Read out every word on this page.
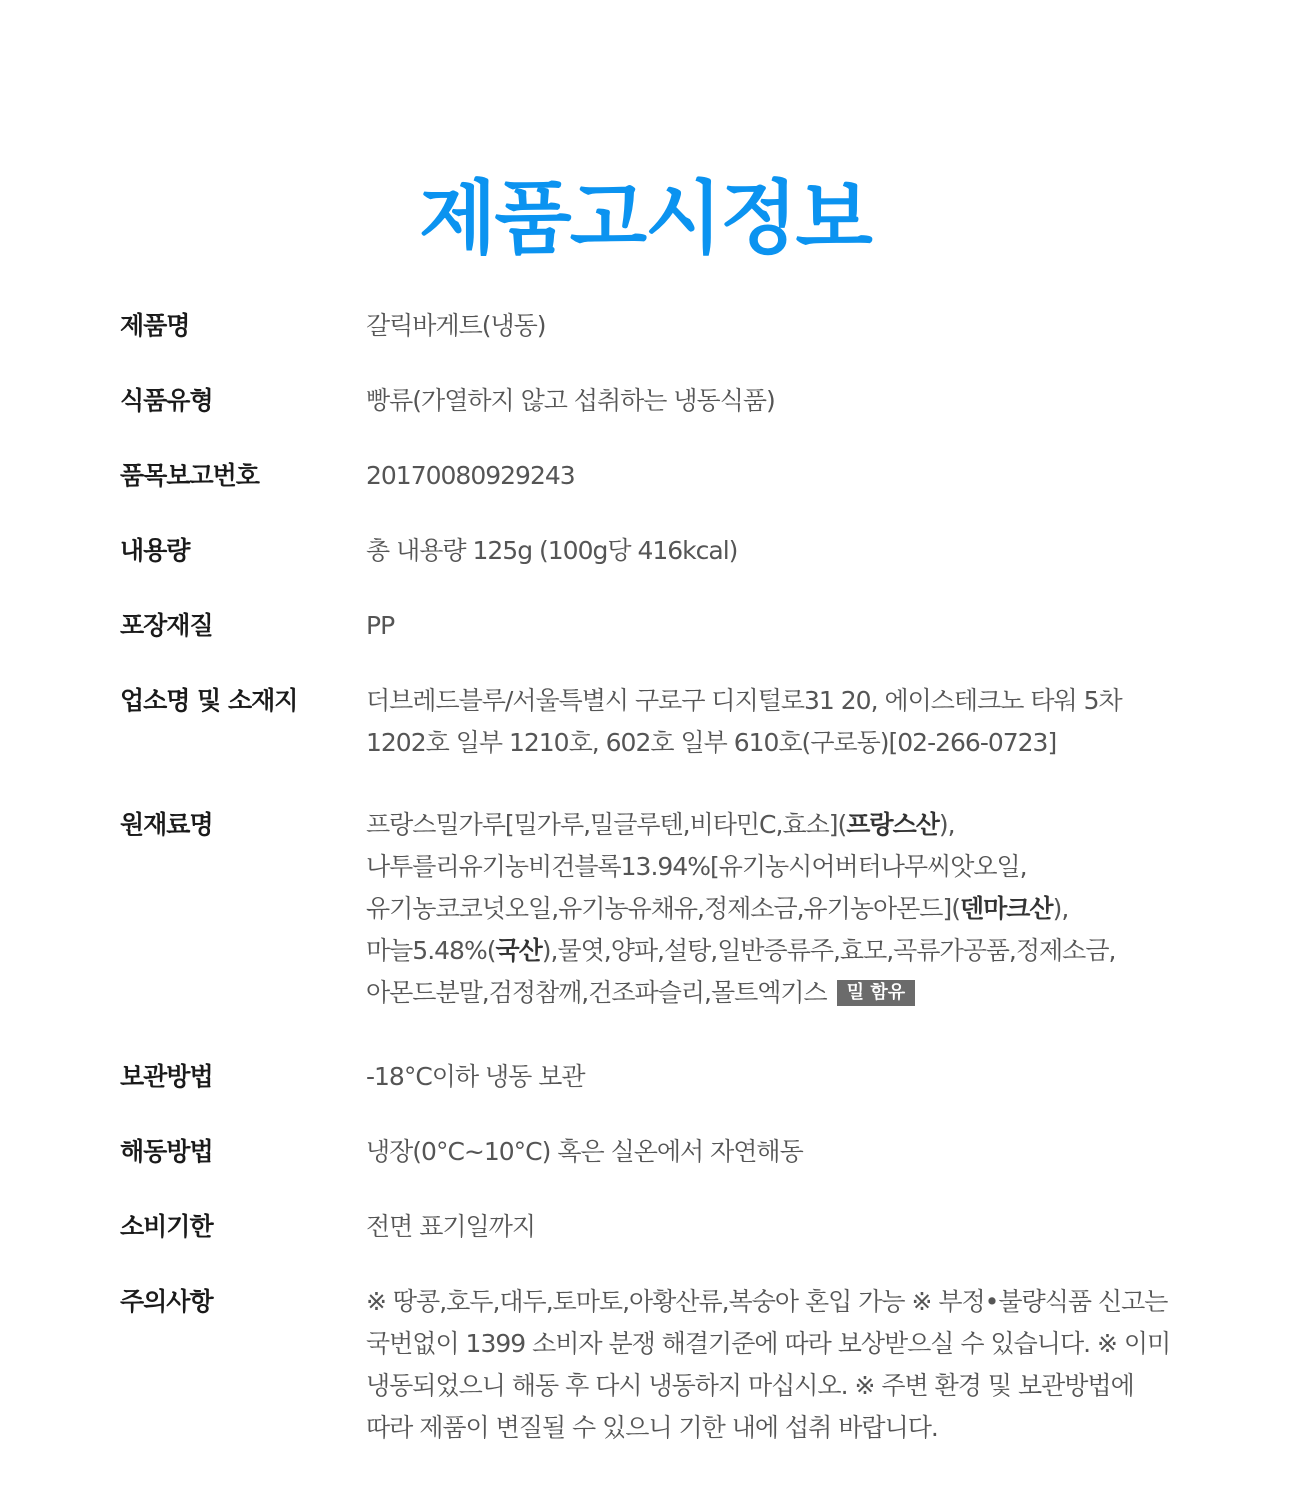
제품고시정보
제품명	갈릭바게트(냉동)
식품유형	빵류(가열하지 않고 섭취하는 냉동식품)
품목보고번호	20170080929243
내용량	총 내용량 125g (100g당 416kcal)
포장재질	PP
업소명 및 소재지	더브레드블루/서울특별시 구로구 디지털로31 20, 에이스테크노 타워 5차 1202호 일부 1210호, 602호 일부 610호(구로동)[02-266-0723]
원재료명	프랑스밀가루[밀가루,밀글루텐,비타민C,효소](프랑스산),나투를리유기농비건블록13.94%[유기농시어버터나무씨앗오일,유기농코코넛오일,유기농유채유,정제소금,유기농아몬드](덴마크산),마늘5.48%(국산),물엿,양파,설탕,일반증류주,효모,곡류가공품,정제소금,아몬드분말,검정참깨,건조파슬리,몰트엑기스 밀 함유
보관방법	-18°C이하 냉동 보관
해동방법	냉장(0°C~10°C) 혹은 실온에서 자연해동
소비기한	전면 표기일까지
주의사항	※ 땅콩,호두,대두,토마토,아황산류,복숭아 혼입 가능 ※ 부정•불량식품 신고는 국번없이 1399 소비자 분쟁 해결기준에 따라 보상받으실 수 있습니다. ※ 이미 냉동되었으니 해동 후 다시 냉동하지 마십시오. ※ 주변 환경 및 보관방법에 따라 제품이 변질될 수 있으니 기한 내에 섭취 바랍니다.
